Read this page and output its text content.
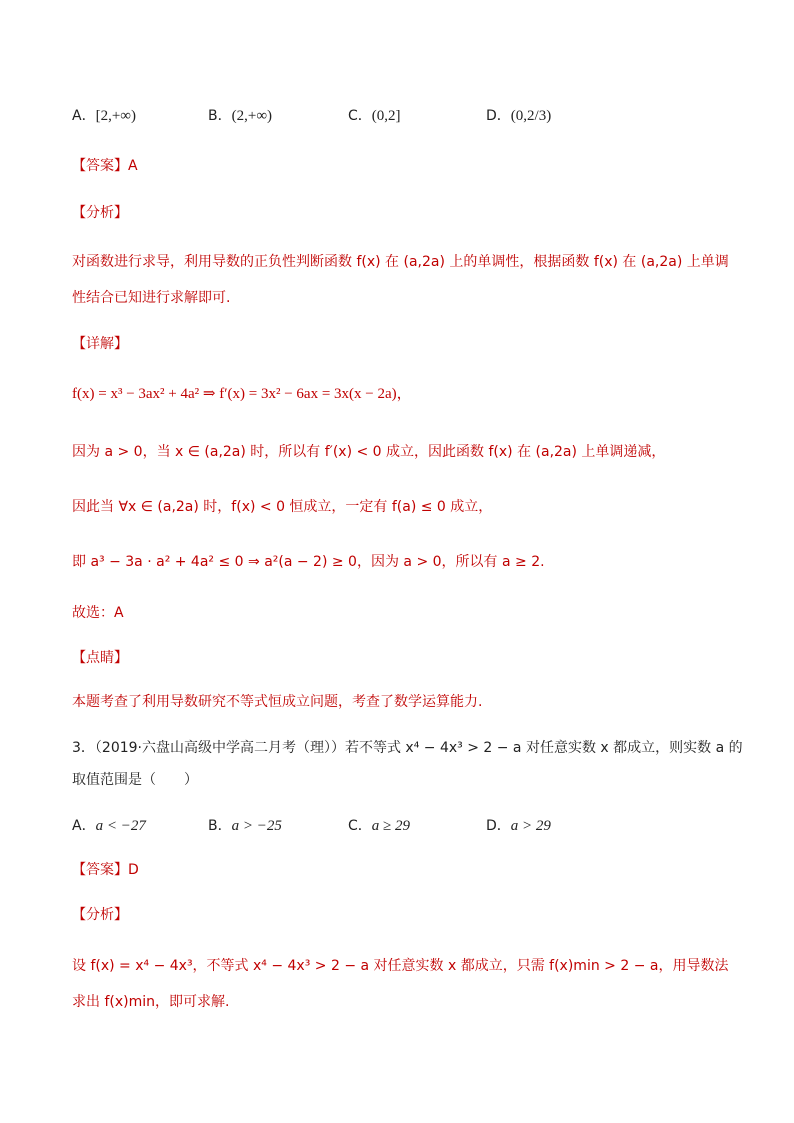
A．[2,+∞)	B．(2,+∞)	C．(0,2]	D．(0,2/3)
【答案】A
【分析】
对函数进行求导，利用导数的正负性判断函数 f(x) 在 (a,2a) 上的单调性，根据函数 f(x) 在 (a,2a) 上单调性结合已知进行求解即可.
【详解】
f(x) = x³ − 3ax² + 4a² ⇒ f′(x) = 3x² − 6ax = 3x(x − 2a)，
因为 a > 0，当 x ∈ (a,2a) 时，所以有 f′(x) < 0 成立，因此函数 f(x) 在 (a,2a) 上单调递减，
因此当 ∀x ∈ (a,2a) 时，f(x) < 0 恒成立，一定有 f(a) ≤ 0 成立，
即 a³ − 3a · a² + 4a² ≤ 0 ⇒ a²(a − 2) ≥ 0，因为 a > 0，所以有 a ≥ 2.
故选：A
【点睛】
本题考查了利用导数研究不等式恒成立问题，考查了数学运算能力.
3．（2019·六盘山高级中学高二月考（理））若不等式 x⁴ − 4x³ > 2 − a 对任意实数 x 都成立，则实数 a 的
取值范围是（　　）
A．a < −27	B．a > −25	C．a ≥ 29	D．a > 29
【答案】D
【分析】
设 f(x) = x⁴ − 4x³，不等式 x⁴ − 4x³ > 2 − a 对任意实数 x 都成立，只需 f(x)min > 2 − a，用导数法求出 f(x)min，即可求解.
